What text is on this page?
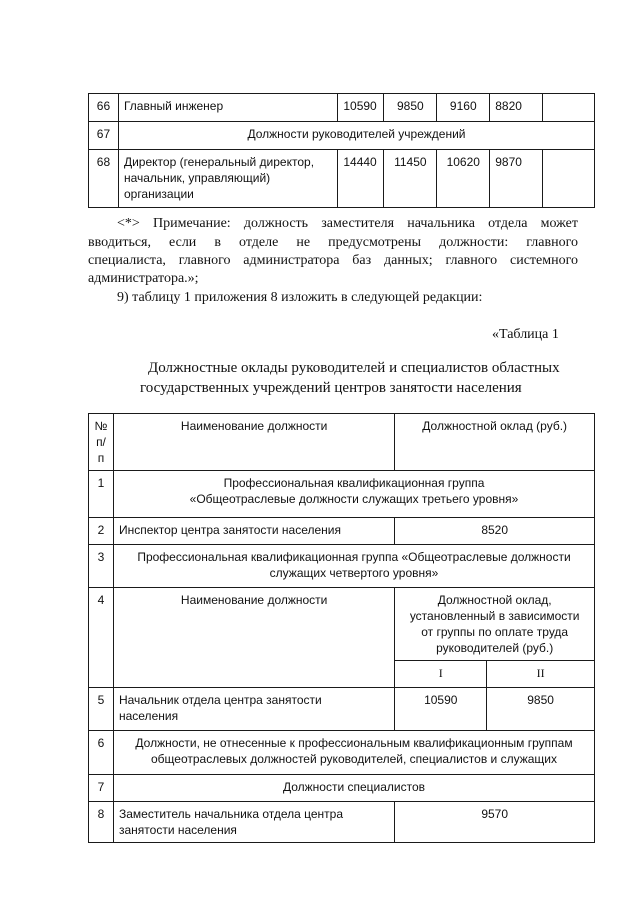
66	Главный инженер	10590	9850	9160	8820	
67	Должности руководителей учреждений					
68	Директор (генеральный директор,
начальник, управляющий)
организации	14440	11450	10620	9870	
<*> Примечание: должность заместителя начальника отдела может
вводиться, если в отделе не предусмотрены должности: главного
специалиста, главного администратора баз данных; главного системного
администратора.»;
9) таблицу 1 приложения 8 изложить в следующей редакции:
«Таблица 1
Должностные оклады руководителей и специалистов областных
государственных учреждений центров занятости населения
№
п/п	Наименование должности	Должностной оклад (руб.)	
1	Профессиональная квалификационная группа
«Общеотраслевые должности служащих третьего уровня»		

2	Инспектор центра занятости населения	8520	
3	Профессиональная квалификационная группа «Общеотраслевые должности
служащих четвертого уровня»		

4	Наименование должности	Должностной оклад,
установленный в зависимости
от группы по оплате труда
руководителей (руб.)	

		I	II
5	Начальник отдела центра занятости
населения	10590	9850
6	Должности, не отнесенные к профессиональным квалификационным группам
общеотраслевых должностей руководителей, специалистов и служащих		

7	Должности специалистов		
8	Заместитель начальника отдела центра
занятости населения	9570	
